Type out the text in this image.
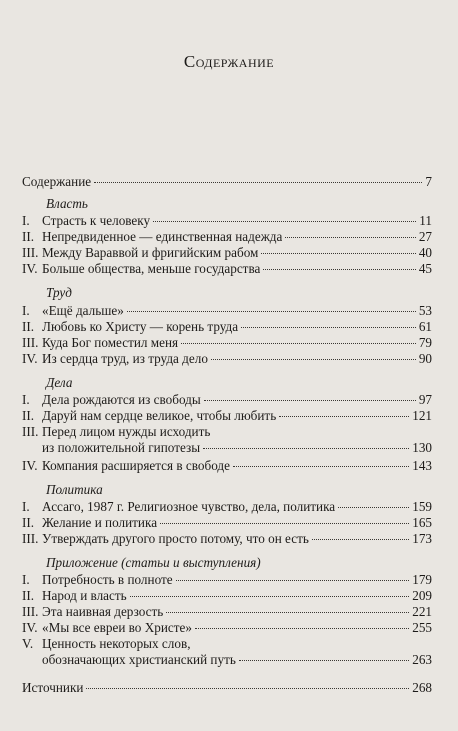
Содержание
Содержание	7
Власть
I. Страсть к человеку	11
II. Непредвиденное — единственная надежда	27
III. Между Вараввой и фригийским рабом	40
IV. Больше общества, меньше государства	45
Труд
I. «Ещё дальше»	53
II. Любовь ко Христу — корень труда	61
III. Куда Бог поместил меня	79
IV. Из сердца труд, из труда дело	90
Дела
I. Дела рождаются из свободы	97
II. Даруй нам сердце великое, чтобы любить	121
III. Перед лицом нужды исходить
из положительной гипотезы	130
IV. Компания расширяется в свободе	143
Политика
I. Ассаго, 1987 г. Религиозное чувство, дела, политика	159
II. Желание и политика	165
III. Утверждать другого просто потому, что он есть	173
Приложение (статьи и выступления)
I. Потребность в полноте	179
II. Народ и власть	209
III. Эта наивная дерзость	221
IV. «Мы все евреи во Христе»	255
V. Ценность некоторых слов,
обозначающих христианский путь	263
Источники	268
